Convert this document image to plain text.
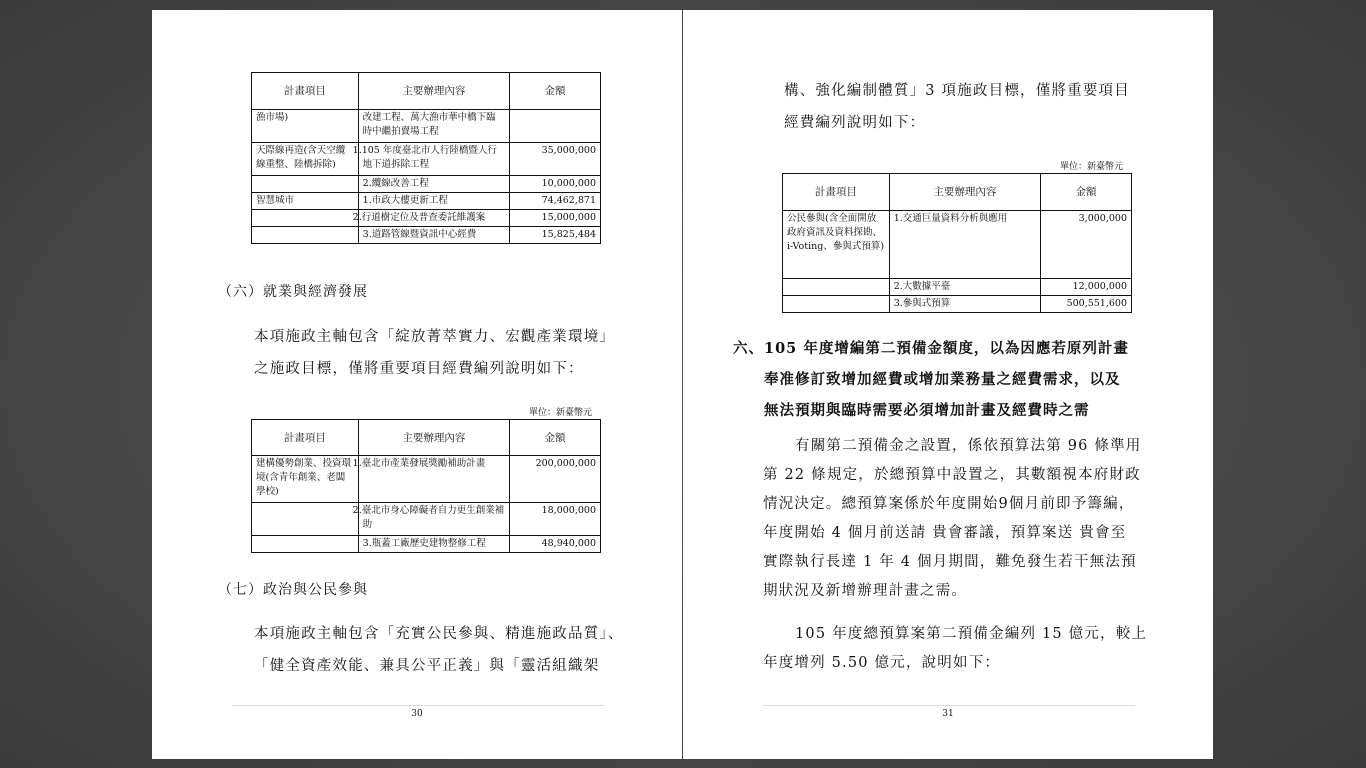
計畫項目	主要辦理內容	金額
漁市場)	改建工程、萬大漁市華中橋下臨時中繼拍賣場工程	
天際線再造(含天空纜線重整、陸橋拆除)	1.105 年度臺北市人行陸橋暨人行地下道拆除工程	35,000,000
	2.纜線改善工程	10,000,000
智慧城市	1.市政大樓更新工程	74,462,871
	2.行道樹定位及普查委託維護案	15,000,000
	3.道路管線暨資訊中心經費	15,825,484
（六）就業與經濟發展
本項施政主軸包含「綻放菁萃實力、宏觀產業環境」
之施政目標，僅將重要項目經費編列說明如下：
單位：新臺幣元
計畫項目	主要辦理內容	金額
建構優勢創業、投資環境(含青年創業、老闆學校)	1.臺北市產業發展獎勵補助計畫	200,000,000
	2.臺北市身心障礙者自力更生創業補助	18,000,000
	3.瓶蓋工廠歷史建物整修工程	48,940,000
（七）政治與公民參與
本項施政主軸包含「充實公民參與、精進施政品質」、
「健全資產效能、兼具公平正義」與「靈活組織架
30
構、強化編制體質」3 項施政目標，僅將重要項目
經費編列說明如下：
單位：新臺幣元
計畫項目	主要辦理內容	金額
公民參與(含全面開放政府資訊及資料探勘、i-Voting、參與式預算)	1.交通巨量資料分析與應用	3,000,000
	2.大數據平臺	12,000,000
	3.參與式預算	500,551,600
六、105 年度增編第二預備金額度，以為因應若原列計畫
奉准修訂致增加經費或增加業務量之經費需求，以及
無法預期與臨時需要必須增加計畫及經費時之需
有關第二預備金之設置，係依預算法第 96 條準用
第 22 條規定，於總預算中設置之，其數額視本府財政
情況決定。總預算案係於年度開始9個月前即予籌編，
年度開始 4 個月前送請 貴會審議，預算案送 貴會至
實際執行長達 1 年 4 個月期間，難免發生若干無法預
期狀況及新增辦理計畫之需。
105 年度總預算案第二預備金編列 15 億元，較上
年度增列 5.50 億元，說明如下：
31
